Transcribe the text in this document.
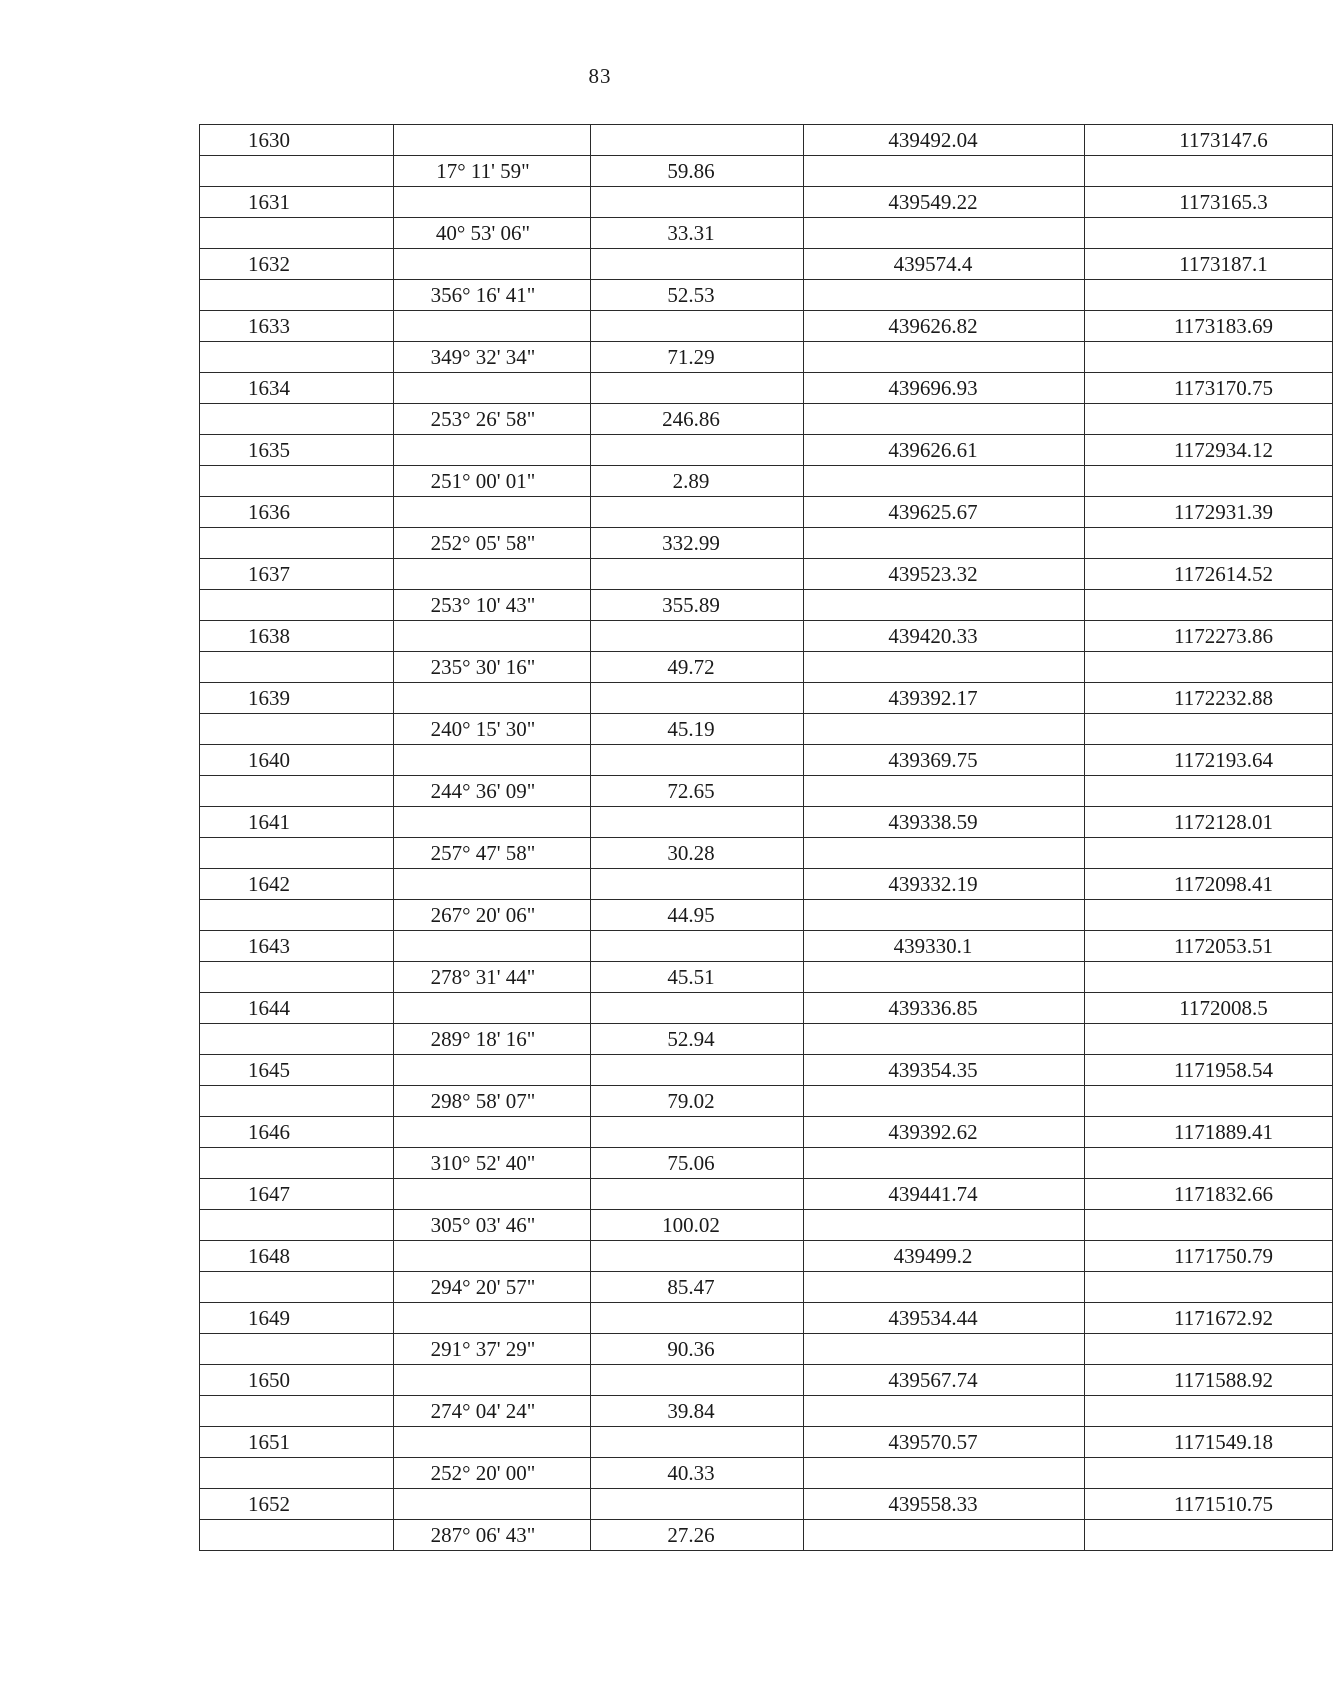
83
1630			439492.04	1173147.6
	17° 11' 59"	59.86		
1631			439549.22	1173165.3
	40° 53' 06"	33.31		
1632			439574.4	1173187.1
	356° 16' 41"	52.53		
1633			439626.82	1173183.69
	349° 32' 34"	71.29		
1634			439696.93	1173170.75
	253° 26' 58"	246.86		
1635			439626.61	1172934.12
	251° 00' 01"	2.89		
1636			439625.67	1172931.39
	252° 05' 58"	332.99		
1637			439523.32	1172614.52
	253° 10' 43"	355.89		
1638			439420.33	1172273.86
	235° 30' 16"	49.72		
1639			439392.17	1172232.88
	240° 15' 30"	45.19		
1640			439369.75	1172193.64
	244° 36' 09"	72.65		
1641			439338.59	1172128.01
	257° 47' 58"	30.28		
1642			439332.19	1172098.41
	267° 20' 06"	44.95		
1643			439330.1	1172053.51
	278° 31' 44"	45.51		
1644			439336.85	1172008.5
	289° 18' 16"	52.94		
1645			439354.35	1171958.54
	298° 58' 07"	79.02		
1646			439392.62	1171889.41
	310° 52' 40"	75.06		
1647			439441.74	1171832.66
	305° 03' 46"	100.02		
1648			439499.2	1171750.79
	294° 20' 57"	85.47		
1649			439534.44	1171672.92
	291° 37' 29"	90.36		
1650			439567.74	1171588.92
	274° 04' 24"	39.84		
1651			439570.57	1171549.18
	252° 20' 00"	40.33		
1652			439558.33	1171510.75
	287° 06' 43"	27.26		
